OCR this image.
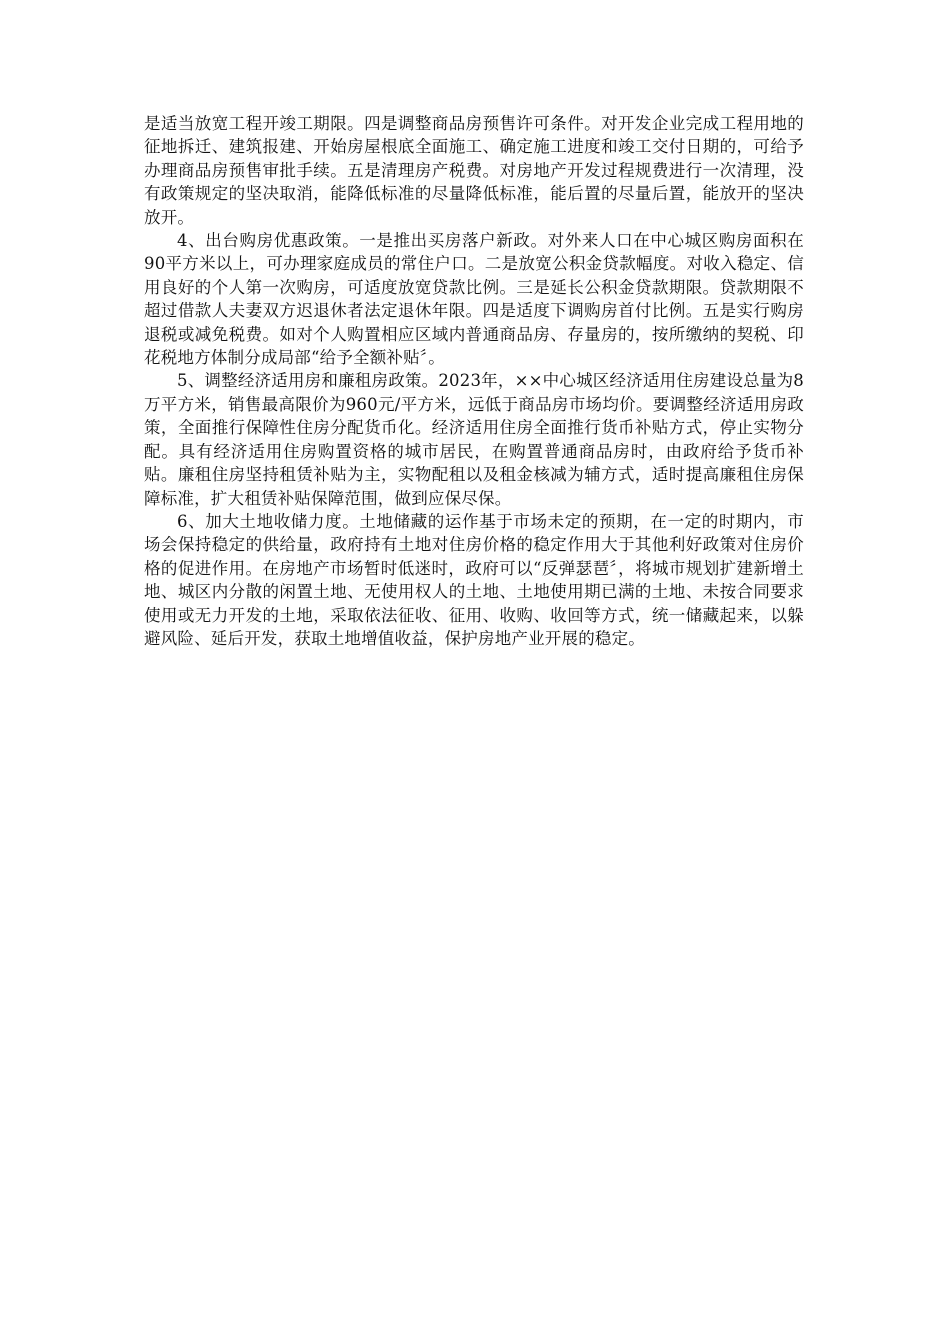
是适当放宽工程开竣工期限。四是调整商品房预售许可条件。对开发企业完成工程用地的征地拆迁、建筑报建、开始房屋根底全面施工、确定施工进度和竣工交付日期的，可给予办理商品房预售审批手续。五是清理房产税费。对房地产开发过程规费进行一次清理，没有政策规定的坚决取消，能降低标准的尽量降低标准，能后置的尽量后置，能放开的坚决放开。

4、出台购房优惠政策。一是推出买房落户新政。对外来人口在中心城区购房面积在90平方米以上，可办理家庭成员的常住户口。二是放宽公积金贷款幅度。对收入稳定、信用良好的个人第一次购房，可适度放宽贷款比例。三是延长公积金贷款期限。贷款期限不超过借款人夫妻双方迟退休者法定退休年限。四是适度下调购房首付比例。五是实行购房退税或减免税费。如对个人购置相应区域内普通商品房、存量房的，按所缴纳的契税、印花税地方体制分成局部“给予全额补贴〞。

5、调整经济适用房和廉租房政策。2023年，××中心城区经济适用住房建设总量为8万平方米，销售最高限价为960元/平方米，远低于商品房市场均价。要调整经济适用房政策，全面推行保障性住房分配货币化。经济适用住房全面推行货币补贴方式，停止实物分配。具有经济适用住房购置资格的城市居民，在购置普通商品房时，由政府给予货币补贴。廉租住房坚持租赁补贴为主，实物配租以及租金核减为辅方式，适时提高廉租住房保障标准，扩大租赁补贴保障范围，做到应保尽保。

6、加大土地收储力度。土地储藏的运作基于市场未定的预期，在一定的时期内，市场会保持稳定的供给量，政府持有土地对住房价格的稳定作用大于其他利好政策对住房价格的促进作用。在房地产市场暂时低迷时，政府可以“反弹瑟琶〞，将城市规划扩建新增土地、城区内分散的闲置土地、无使用权人的土地、土地使用期已满的土地、未按合同要求使用或无力开发的土地，采取依法征收、征用、收购、收回等方式，统一储藏起来，以躲避风险、延后开发，获取土地增值收益，保护房地产业开展的稳定。
